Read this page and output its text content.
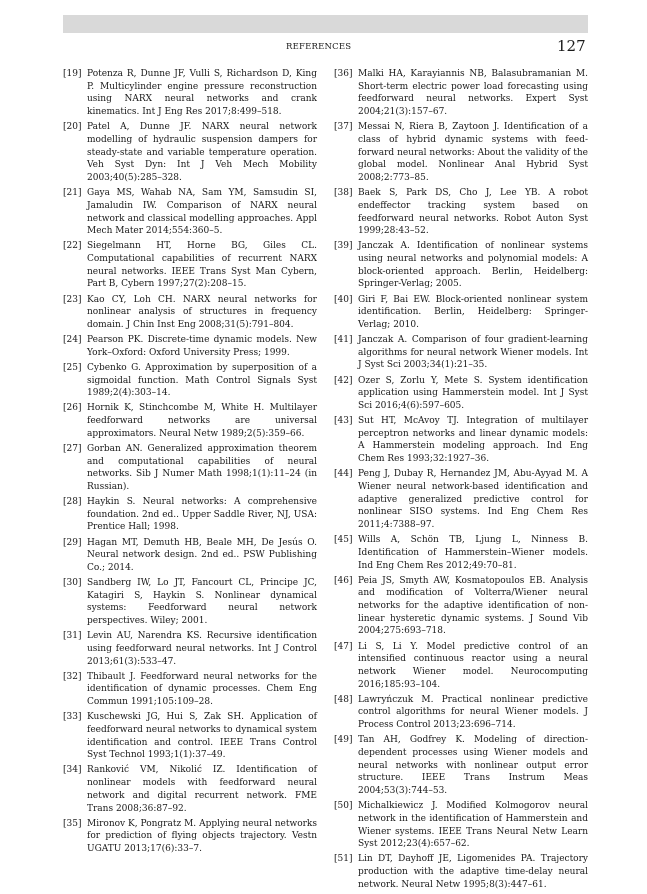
REFERENCES	127
[19] Potenza R, Dunne JF, Vulli S, Richardson D, King P. Multicylinder engine pressure reconstruction using NARX neural networks and crank kinematics. Int J Eng Res 2017;8:499–518.
[20] Patel A, Dunne JF. NARX neural network modelling of hydraulic suspension dampers for steady-state and variable temperature operation. Veh Syst Dyn: Int J Veh Mech Mobility 2003;40(5):285–328.
[21] Gaya MS, Wahab NA, Sam YM, Samsudin SI, Jamaludin IW. Comparison of NARX neural network and classical modelling approaches. Appl Mech Mater 2014;554:360–5.
[22] Siegelmann HT, Horne BG, Giles CL. Computational capabilities of recurrent NARX neural networks. IEEE Trans Syst Man Cybern, Part B, Cybern 1997;27(2):208–15.
[23] Kao CY, Loh CH. NARX neural networks for nonlinear analysis of structures in frequency domain. J Chin Inst Eng 2008;31(5):791–804.
[24] Pearson PK. Discrete-time dynamic models. New York–Oxford: Oxford University Press; 1999.
[25] Cybenko G. Approximation by superposition of a sigmoidal function. Math Control Signals Syst 1989;2(4):303–14.
[26] Hornik K, Stinchcombe M, White H. Multilayer feedforward networks are universal approximators. Neural Netw 1989;2(5):359–66.
[27] Gorban AN. Generalized approximation theorem and computational capabilities of neural networks. Sib J Numer Math 1998;1(1):11–24 (in Russian).
[28] Haykin S. Neural networks: A comprehensive foundation. 2nd ed.. Upper Saddle River, NJ, USA: Prentice Hall; 1998.
[29] Hagan MT, Demuth HB, Beale MH, De Jesús O. Neural network design. 2nd ed.. PSW Publishing Co.; 2014.
[30] Sandberg IW, Lo JT, Fancourt CL, Principe JC, Katagiri S, Haykin S. Nonlinear dynamical systems: Feedforward neural network perspectives. Wiley; 2001.
[31] Levin AU, Narendra KS. Recursive identification using feedforward neural networks. Int J Control 2013;61(3):533–47.
[32] Thibault J. Feedforward neural networks for the identification of dynamic processes. Chem Eng Commun 1991;105:109–28.
[33] Kuschewski JG, Hui S, Zak SH. Application of feedforward neural networks to dynamical system identification and control. IEEE Trans Control Syst Technol 1993;1(1):37–49.
[34] Ranković VM, Nikolić IZ. Identification of nonlinear models with feedforward neural network and digital recurrent network. FME Trans 2008;36:87–92.
[35] Mironov K, Pongratz M. Applying neural networks for prediction of flying objects trajectory. Vestn UGATU 2013;17(6):33–7.
[36] Malki HA, Karayiannis NB, Balasubramanian M. Short-term electric power load forecasting using feedforward neural networks. Expert Syst 2004;21(3):157–67.
[37] Messai N, Riera B, Zaytoon J. Identification of a class of hybrid dynamic systems with feed-forward neural networks: About the validity of the global model. Nonlinear Anal Hybrid Syst 2008;2:773–85.
[38] Baek S, Park DS, Cho J, Lee YB. A robot endeffector tracking system based on feedforward neural networks. Robot Auton Syst 1999;28:43–52.
[39] Janczak A. Identification of nonlinear systems using neural networks and polynomial models: A block-oriented approach. Berlin, Heidelberg: Springer-Verlag; 2005.
[40] Giri F, Bai EW. Block-oriented nonlinear system identification. Berlin, Heidelberg: Springer-Verlag; 2010.
[41] Janczak A. Comparison of four gradient-learning algorithms for neural network Wiener models. Int J Syst Sci 2003;34(1):21–35.
[42] Ozer S, Zorlu Y, Mete S. System identification application using Hammerstein model. Int J Syst Sci 2016;4(6):597–605.
[43] Sut HT, McAvoy TJ. Integration of multilayer perceptron networks and linear dynamic models: A Hammerstein modeling approach. Ind Eng Chem Res 1993;32:1927–36.
[44] Peng J, Dubay R, Hernandez JM, Abu-Ayyad M. A Wiener neural network-based identification and adaptive generalized predictive control for nonlinear SISO systems. Ind Eng Chem Res 2011;4:7388–97.
[45] Wills A, Schön TB, Ljung L, Ninness B. Identification of Hammerstein–Wiener models. Ind Eng Chem Res 2012;49:70–81.
[46] Peia JS, Smyth AW, Kosmatopoulos EB. Analysis and modification of Volterra/Wiener neural networks for the adaptive identification of non-linear hysteretic dynamic systems. J Sound Vib 2004;275:693–718.
[47] Li S, Li Y. Model predictive control of an intensified continuous reactor using a neural network Wiener model. Neurocomputing 2016;185:93–104.
[48] Lawryńczuk M. Practical nonlinear predictive control algorithms for neural Wiener models. J Process Control 2013;23:696–714.
[49] Tan AH, Godfrey K. Modeling of direction-dependent processes using Wiener models and neural networks with nonlinear output error structure. IEEE Trans Instrum Meas 2004;53(3):744–53.
[50] Michalkiewicz J. Modified Kolmogorov neural network in the identification of Hammerstein and Wiener systems. IEEE Trans Neural Netw Learn Syst 2012;23(4):657–62.
[51] Lin DT, Dayhoff JE, Ligomenides PA. Trajectory production with the adaptive time-delay neural network. Neural Netw 1995;8(3):447–61.
